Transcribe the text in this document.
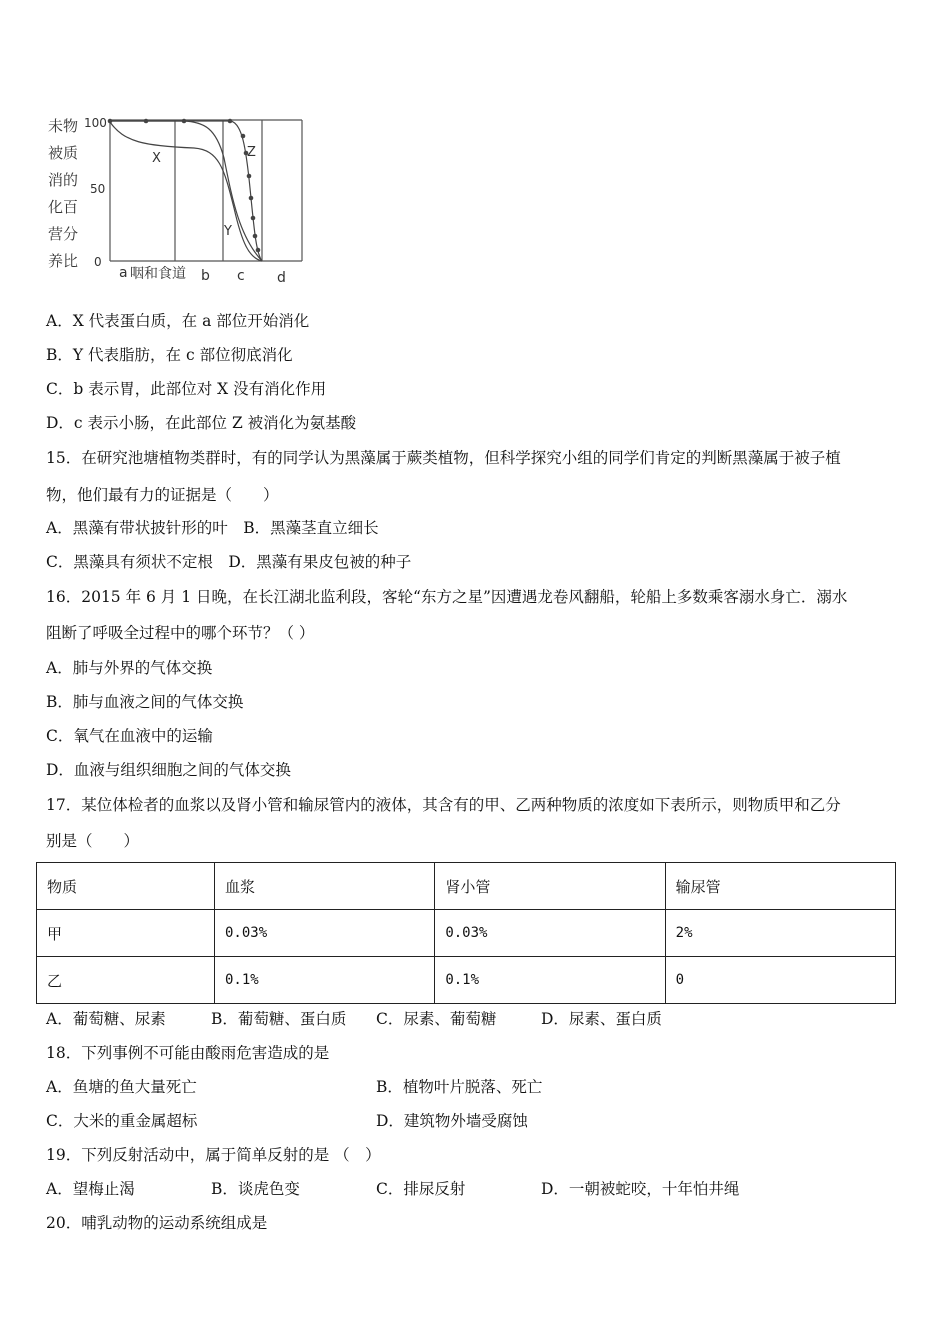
未物
被质
消的
化百
营分
养比
100
50
0
X
Y
Z
a 咽和食道 b c d
A．X 代表蛋白质，在 a 部位开始消化
B．Y 代表脂肪，在 c 部位彻底消化
C．b 表示胃，此部位对 X 没有消化作用
D．c 表示小肠，在此部位 Z 被消化为氨基酸
15．在研究池塘植物类群时，有的同学认为黑藻属于蕨类植物，但科学探究小组的同学们肯定的判断黑藻属于被子植
物，他们最有力的证据是（　　）
A．黑藻有带状披针形的叶　B．黑藻茎直立细长
C．黑藻具有须状不定根　D．黑藻有果皮包被的种子
16．2015 年 6 月 1 日晚，在长江湖北监利段，客轮“东方之星”因遭遇龙卷风翻船，轮船上多数乘客溺水身亡．溺水
阻断了呼吸全过程中的哪个环节？（ ）
A．肺与外界的气体交换
B．肺与血液之间的气体交换
C．氧气在血液中的运输
D．血液与组织细胞之间的气体交换
17．某位体检者的血浆以及肾小管和输尿管内的液体，其含有的甲、乙两种物质的浓度如下表所示，则物质甲和乙分
别是（　　）
物质	血浆	肾小管	输尿管
甲	0.03%	0.03%	2%
乙	0.1%	0.1%	0
A．葡萄糖、尿素	B．葡萄糖、蛋白质 C．尿素、葡萄糖	D．尿素、蛋白质
18．下列事例不可能由酸雨危害造成的是
A．鱼塘的鱼大量死亡	B．植物叶片脱落、死亡
C．大米的重金属超标	D．建筑物外墙受腐蚀
19．下列反射活动中，属于简单反射的是 （　）
A．望梅止渴	B．谈虎色变	C．排尿反射	D．一朝被蛇咬，十年怕井绳
20．哺乳动物的运动系统组成是
